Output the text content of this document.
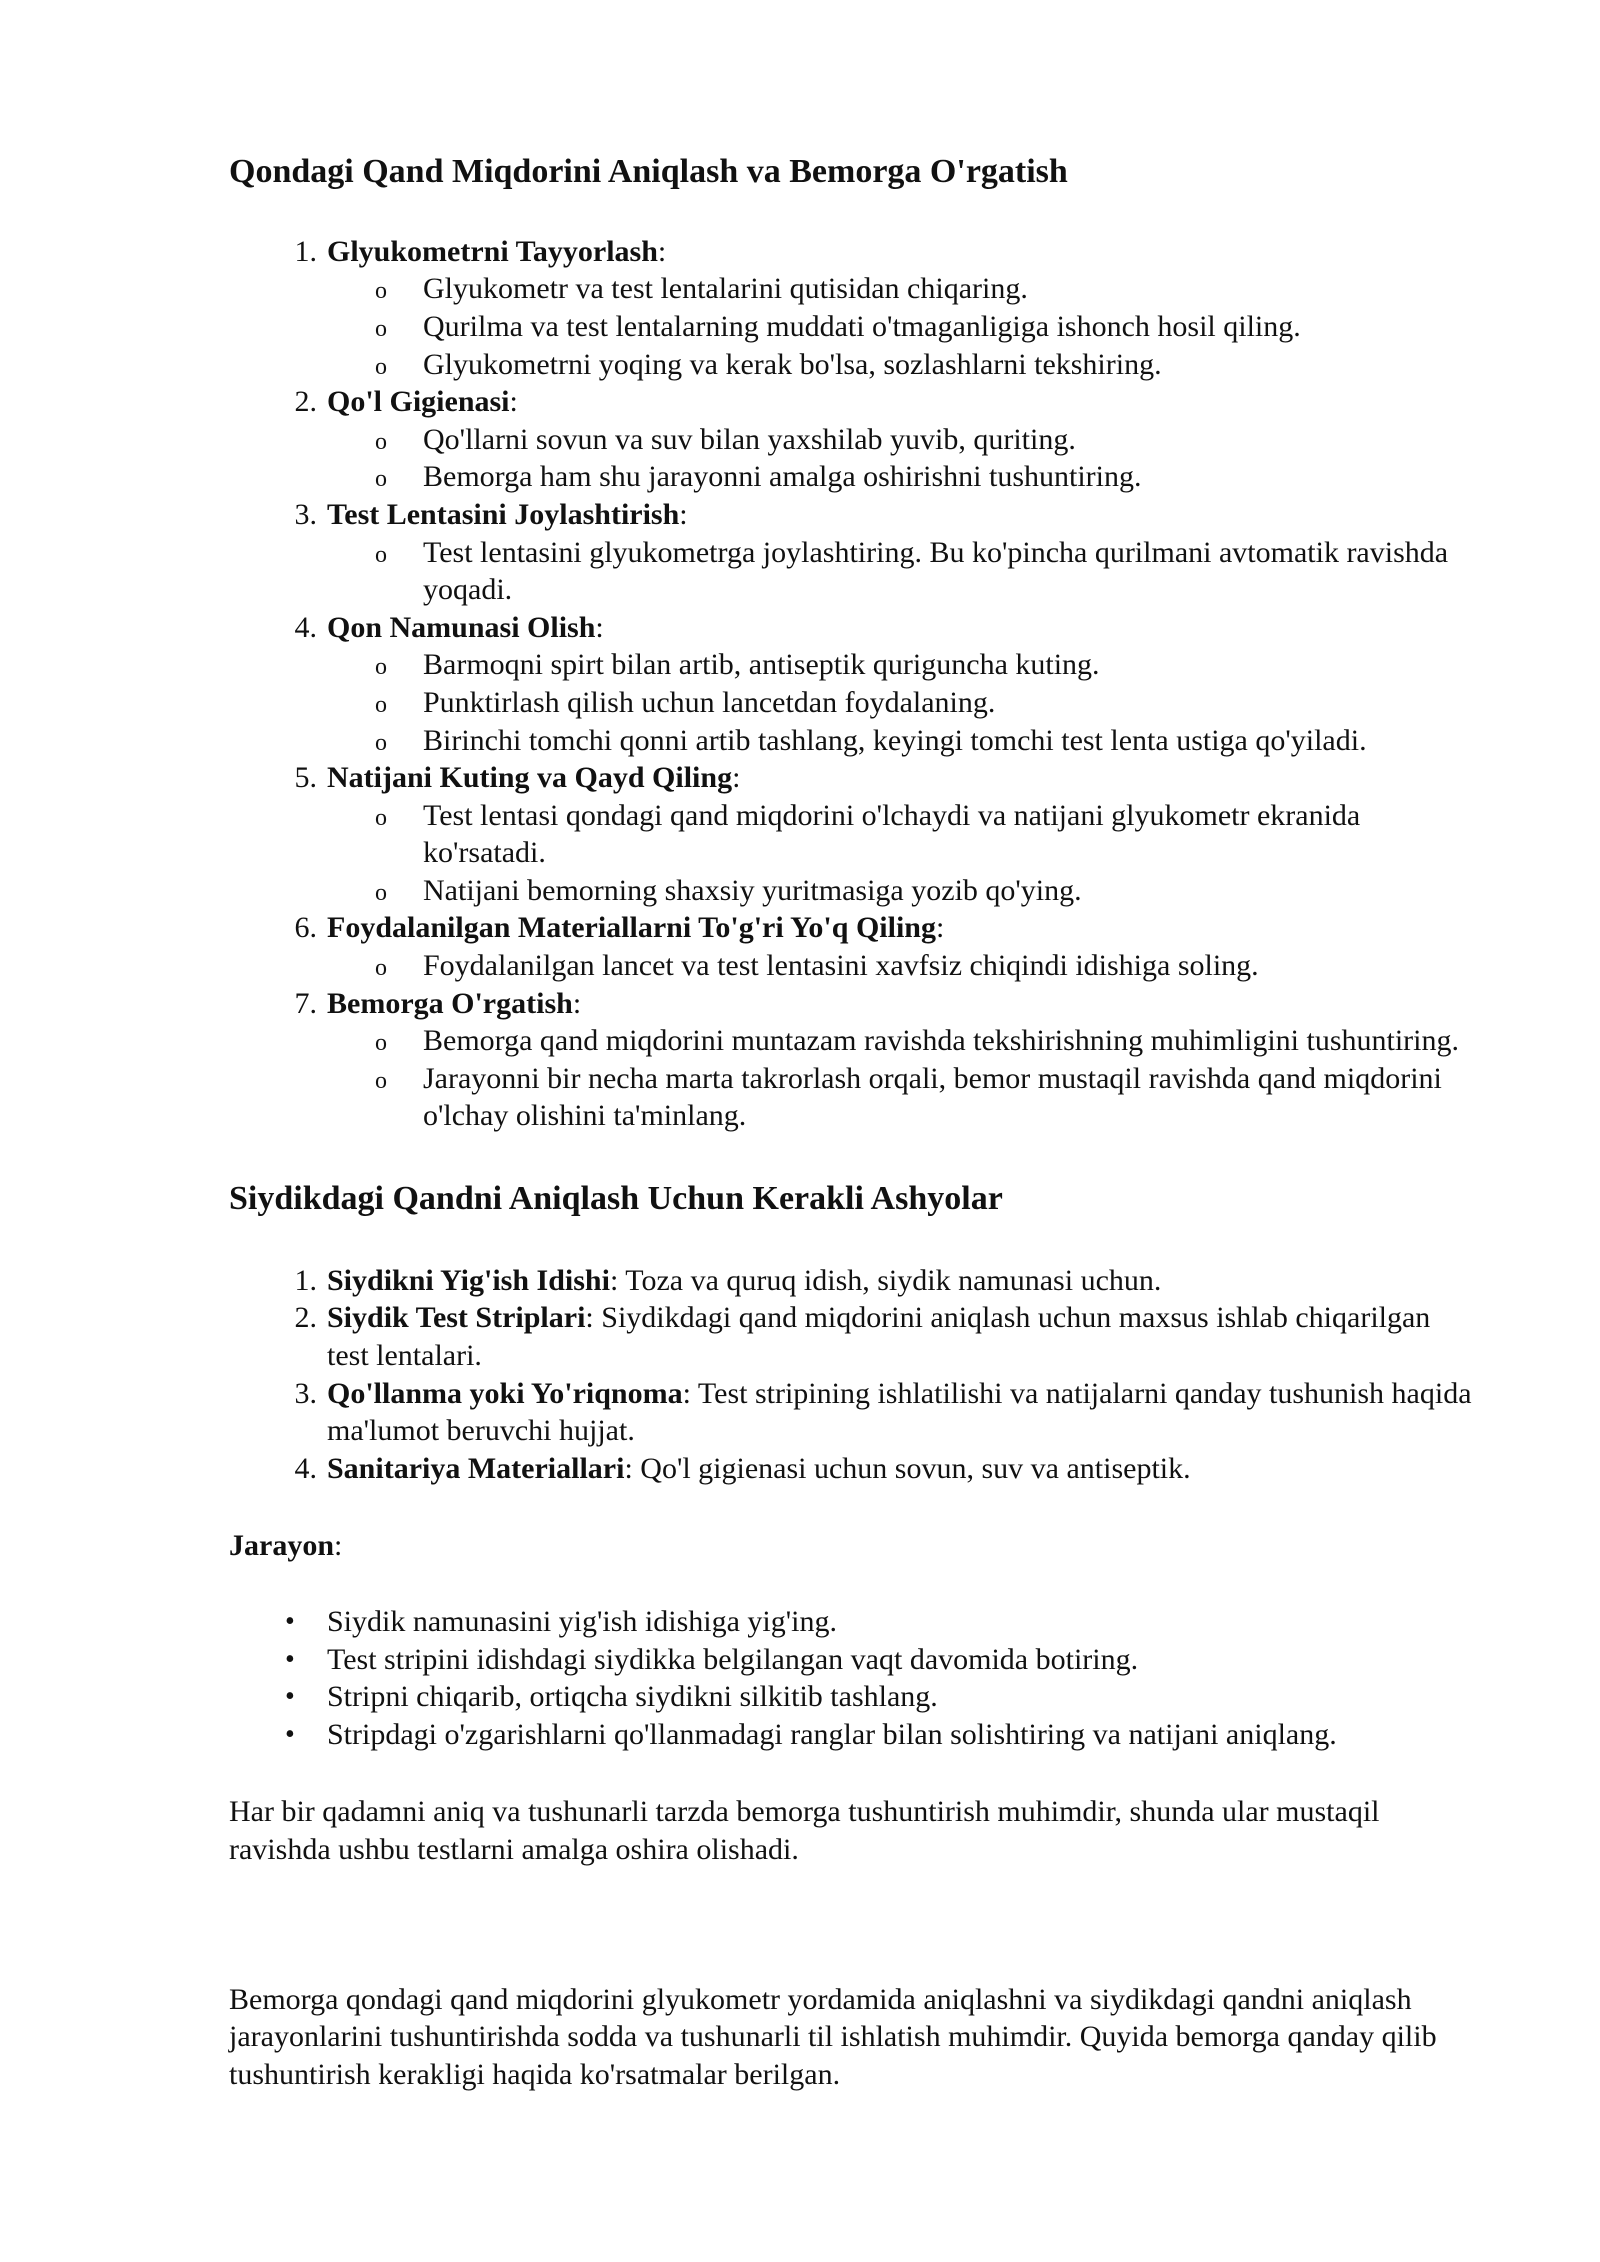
Qondagi Qand Miqdorini Aniqlash va Bemorga O'rgatish
1. Glyukometrni Tayyorlash:
o Glyukometr va test lentalarini qutisidan chiqaring.
o Qurilma va test lentalarning muddati o'tmaganligiga ishonch hosil qiling.
o Glyukometrni yoqing va kerak bo'lsa, sozlashlarni tekshiring.
2. Qo'l Gigienasi:
o Qo'llarni sovun va suv bilan yaxshilab yuvib, quriting.
o Bemorga ham shu jarayonni amalga oshirishni tushuntiring.
3. Test Lentasini Joylashtirish:
o Test lentasini glyukometrga joylashtiring. Bu ko'pincha qurilmani avtomatik ravishda yoqadi.
4. Qon Namunasi Olish:
o Barmoqni spirt bilan artib, antiseptik quriguncha kuting.
o Punktirlash qilish uchun lancetdan foydalaning.
o Birinchi tomchi qonni artib tashlang, keyingi tomchi test lenta ustiga qo'yiladi.
5. Natijani Kuting va Qayd Qiling:
o Test lentasi qondagi qand miqdorini o'lchaydi va natijani glyukometr ekranida ko'rsatadi.
o Natijani bemorning shaxsiy yuritmasiga yozib qo'ying.
6. Foydalanilgan Materiallarni To'g'ri Yo'q Qiling:
o Foydalanilgan lancet va test lentasini xavfsiz chiqindi idishiga soling.
7. Bemorga O'rgatish:
o Bemorga qand miqdorini muntazam ravishda tekshirishning muhimligini tushuntiring.
o Jarayonni bir necha marta takrorlash orqali, bemor mustaqil ravishda qand miqdorini o'lchay olishini ta'minlang.
Siydikdagi Qandni Aniqlash Uchun Kerakli Ashyolar
1. Siydikni Yig'ish Idishi: Toza va quruq idish, siydik namunasi uchun.
2. Siydik Test Striplari: Siydikdagi qand miqdorini aniqlash uchun maxsus ishlab chiqarilgan test lentalari.
3. Qo'llanma yoki Yo'riqnoma: Test stripining ishlatilishi va natijalarni qanday tushunish haqida ma'lumot beruvchi hujjat.
4. Sanitariya Materiallari: Qo'l gigienasi uchun sovun, suv va antiseptik.
Jarayon:
• Siydik namunasini yig'ish idishiga yig'ing.
• Test stripini idishdagi siydikka belgilangan vaqt davomida botiring.
• Stripni chiqarib, ortiqcha siydikni silkitib tashlang.
• Stripdagi o'zgarishlarni qo'llanmadagi ranglar bilan solishtiring va natijani aniqlang.

Har bir qadamni aniq va tushunarli tarzda bemorga tushuntirish muhimdir, shunda ular mustaqil ravishda ushbu testlarni amalga oshira olishadi.

Bemorga qondagi qand miqdorini glyukometr yordamida aniqlashni va siydikdagi qandni aniqlash jarayonlarini tushuntirishda sodda va tushunarli til ishlatish muhimdir. Quyida bemorga qanday qilib tushuntirish kerakligi haqida ko'rsatmalar berilgan.
